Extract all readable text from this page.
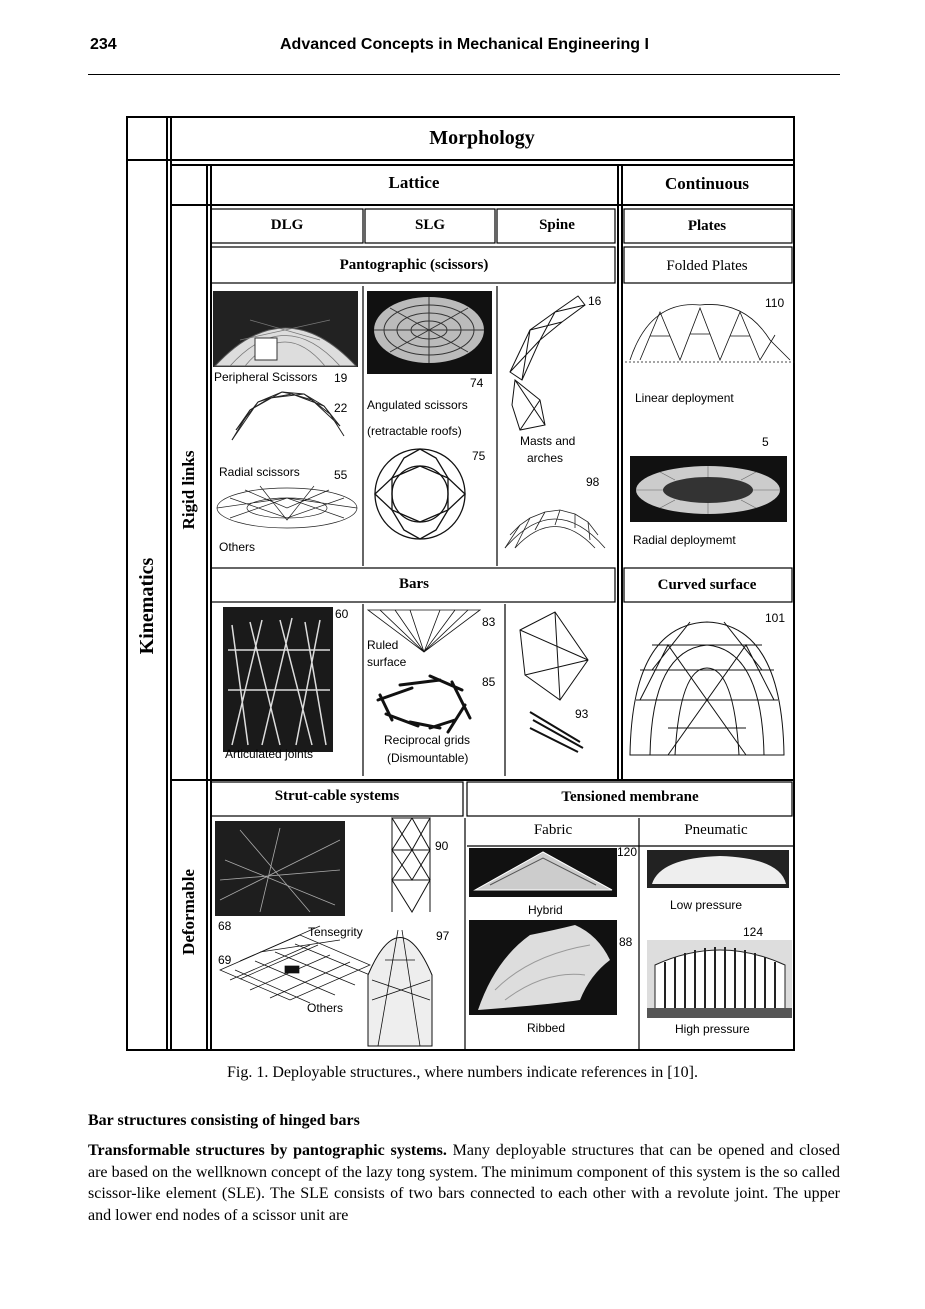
234	Advanced Concepts in Mechanical Engineering I
Morphology
Lattice	Continuous
DLG	SLG	Spine	Plates
Pantographic (scissors)
Bars	Curved surface
Strut-cable systems	Tensioned membrane
Folded Plates
Fabric	Pneumatic
Kinematics
Rigid links
Deformable
Peripheral Scissors 19
22
Radial scissors	55
Others
74
Angulated scissors
(retractable roofs)
75
16
Masts and
arches
98
110
Linear deployment
5
Radial deploymemt
60
Articulated joints
83
Ruled
surface
85
Reciprocal grids
(Dismountable)
93
101
90
68	Tensegrity	97
69
Others
120
Hybrid
88
Ribbed
Low pressure
124
High pressure
Fig. 1. Deployable structures., where numbers indicate references in [10].
Bar structures consisting of hinged bars
Transformable structures by pantographic systems. Many deployable structures that can be opened and closed are based on the wellknown concept of the lazy tong system. The minimum component of this system is the so called scissor-like element (SLE). The SLE consists of two bars connected to each other with a revolute joint. The upper and lower end nodes of a scissor unit are
